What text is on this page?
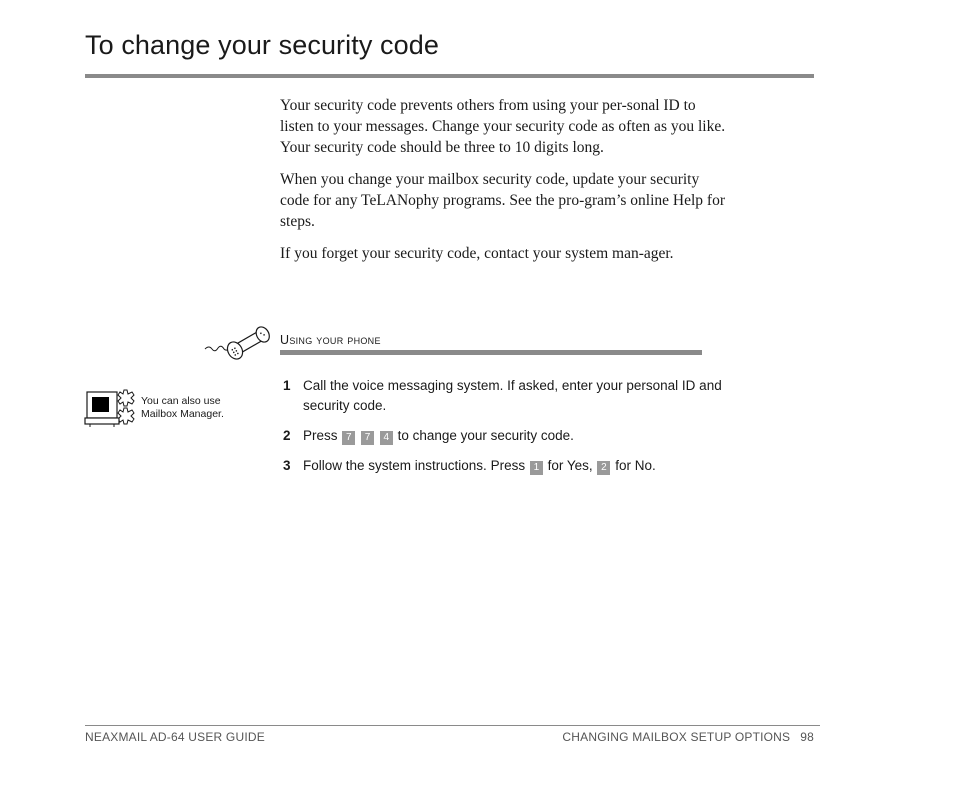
To change your security code

Your security code prevents others from using your per-sonal ID to listen to your messages. Change your security code as often as you like. Your security code should be three to 10 digits long.

When you change your mailbox security code, update your security code for any TeLANophy programs. See the pro-gram’s online Help for steps.

If you forget your security code, contact your system man-ager.

Using your phone
You can also use Mailbox Manager.
1 Call the voice messaging system. If asked, enter your personal ID and security code.
2 Press 7 7 4 to change your security code.
3 Follow the system instructions. Press 1 for Yes, 2 for No.
NEAXMAIL AD-64 USER GUIDE	CHANGING MAILBOX SETUP OPTIONS 98
